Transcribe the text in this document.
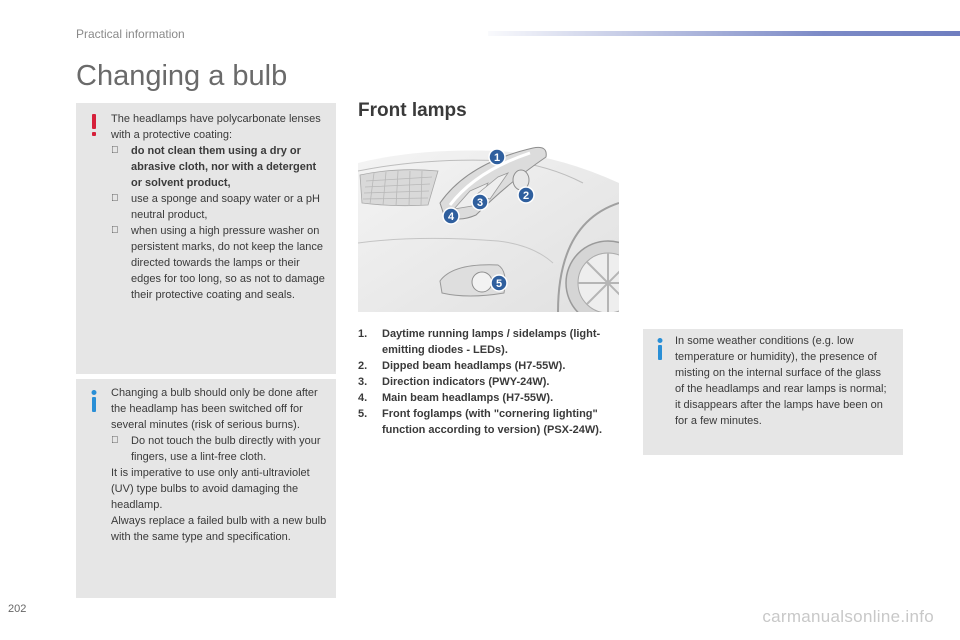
Practical information
Changing a bulb

The headlamps have polycarbonate lenses with a protective coating:

do not clean them using a dry or abrasive cloth, nor with a detergent or solvent product,
use a sponge and soapy water or a pH neutral product,
when using a high pressure washer on persistent marks, do not keep the lance directed towards the lamps or their edges for too long, so as not to damage their protective coating and seals.

Changing a bulb should only be done after the headlamp has been switched off for several minutes (risk of serious burns).

Do not touch the bulb directly with your fingers, use a lint-free cloth.

It is imperative to use only anti-ultraviolet (UV) type bulbs to avoid damaging the headlamp.

Always replace a failed bulb with a new bulb with the same type and specification.

Front lamps
1
2
3
4
5
1.	Daytime running lamps / sidelamps (light-emitting diodes - LEDs).
2.	Dipped beam headlamps (H7-55W).
3.	Direction indicators (PWY-24W).
4.	Main beam headlamps (H7-55W).
5.	Front foglamps (with "cornering lighting" function according to version) (PSX-24W).

In some weather conditions (e.g. low temperature or humidity), the presence of misting on the internal surface of the glass of the headlamps and rear lamps is normal; it disappears after the lamps have been on for a few minutes.

202	carmanualsonline.info
